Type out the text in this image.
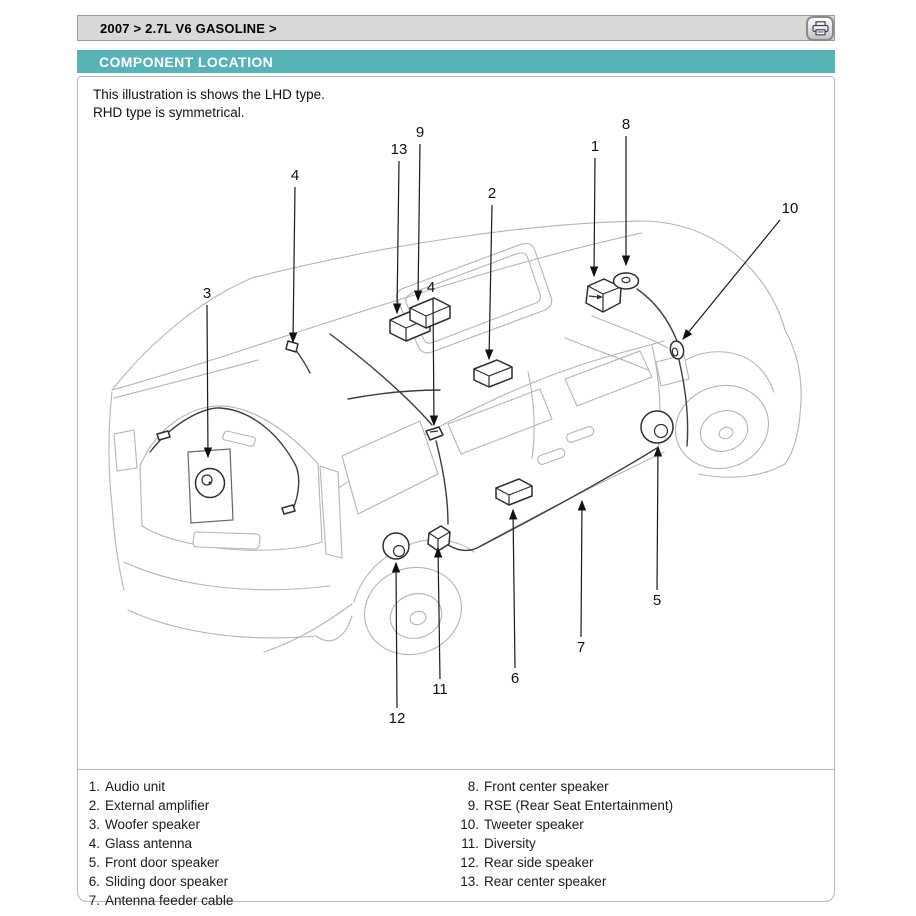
2007 > 2.7L V6 GASOLINE >
COMPONENT LOCATION
This illustration is shows the LHD type.
RHD type is symmetrical.
1
2
3
4
4
5
6
7
8
9
10
11
12
13
1. Audio unit
2. External amplifier
3. Woofer speaker
4. Glass antenna
5. Front door speaker
6. Sliding door speaker
7. Antenna feeder cable
8. Front center speaker
9. RSE (Rear Seat Entertainment)
10. Tweeter speaker
11. Diversity
12. Rear side speaker
13. Rear center speaker
